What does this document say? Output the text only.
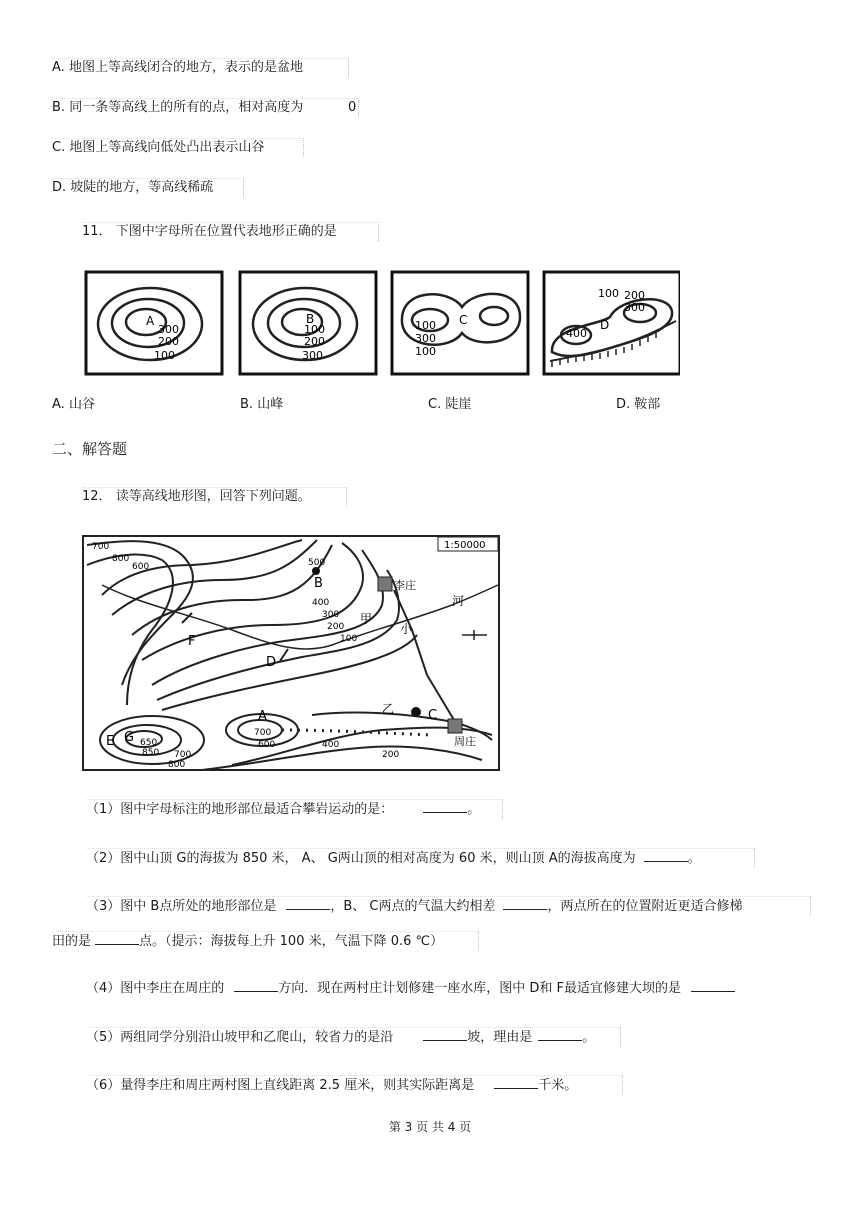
A. 地图上等高线闭合的地方，表示的是盆地
B. 同一条等高线上的所有的点，相对高度为	0
C. 地图上等高线向低处凸出表示山谷
D. 坡陡的地方，等高线稀疏
11． 下图中字母所在位置代表地形正确的是
A
300
200
100
B
100
200
300
C
100
300
100
D
100 200
300
400
A. 山谷	B. 山峰	C. 陡崖	D. 鞍部
二、解答题
12． 读等高线地形图，回答下列问题。
1:50000
李庄
周庄
甲
乙
小
河
A
B
C
D
E
F
G
700
800
600
400
300
200
100
500
700
600
650
850 700
800
400
200
（1）图中字母标注的地形部位最适合攀岩运动的是：	。
（2）图中山顶 G的海拔为 850 米， A、 G两山顶的相对高度为 60 米，则山顶 A的海拔高度为	。
（3）图中 B点所处的地形部位是	，B、 C两点的气温大约相差	，两点所在的位置附近更适合修梯
田的是	点。（提示：海拔每上升 100 米，气温下降 0.6 ℃）
（4）图中李庄在周庄的	方向．现在两村庄计划修建一座水库，图中 D和 F最适宜修建大坝的是
（5）两组同学分别沿山坡甲和乙爬山，较省力的是沿	坡，理由是	。
（6）量得李庄和周庄两村图上直线距离 2.5 厘米，则其实际距离是	千米。
第 3 页 共 4 页
